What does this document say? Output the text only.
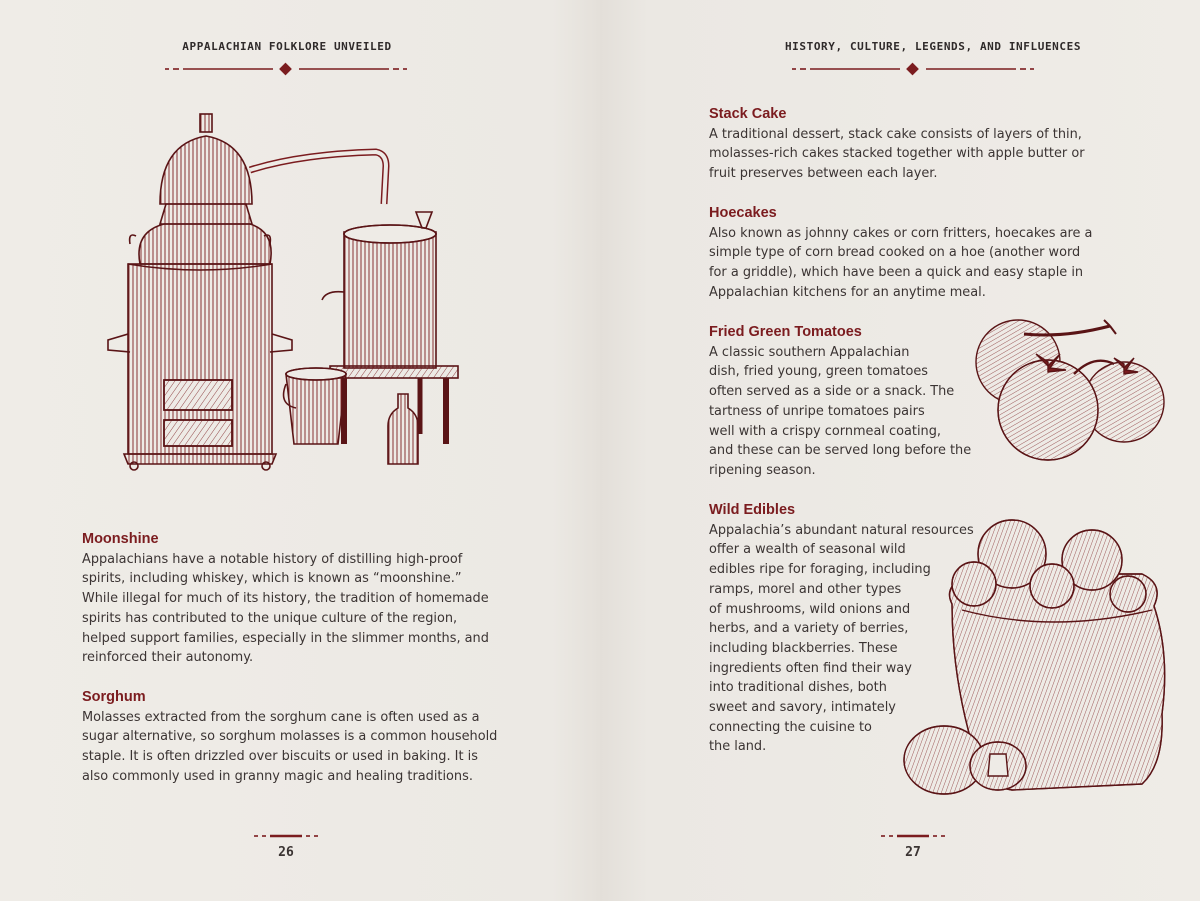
APPALACHIAN FOLKLORE UNVEILED

Moonshine

Appalachians have a notable history of distilling high-proof
spirits, including whiskey, which is known as “moonshine.”
While illegal for much of its history, the tradition of homemade
spirits has contributed to the unique culture of the region,
helped support families, especially in the slimmer months, and
reinforced their autonomy.

Sorghum

Molasses extracted from the sorghum cane is often used as a
sugar alternative, so sorghum molasses is a common household
staple. It is often drizzled over biscuits or used in baking. It is
also commonly used in granny magic and healing traditions.

26
HISTORY, CULTURE, LEGENDS, AND INFLUENCES

Stack Cake

A traditional dessert, stack cake consists of layers of thin,
molasses-rich cakes stacked together with apple butter or
fruit preserves between each layer.

Hoecakes

Also known as johnny cakes or corn fritters, hoecakes are a
simple type of corn bread cooked on a hoe (another word
for a griddle), which have been a quick and easy staple in
Appalachian kitchens for an anytime meal.

Fried Green Tomatoes

A classic southern Appalachian
dish, fried young, green tomatoes
often served as a side or a snack. The
tartness of unripe tomatoes pairs
well with a crispy cornmeal coating,
and these can be served long before the
ripening season.

Wild Edibles

Appalachia’s abundant natural resources
offer a wealth of seasonal wild
edibles ripe for foraging, including
ramps, morel and other types
of mushrooms, wild onions and
herbs, and a variety of berries,
including blackberries. These
ingredients often find their way
into traditional dishes, both
sweet and savory, intimately
connecting the cuisine to
the land.

27
